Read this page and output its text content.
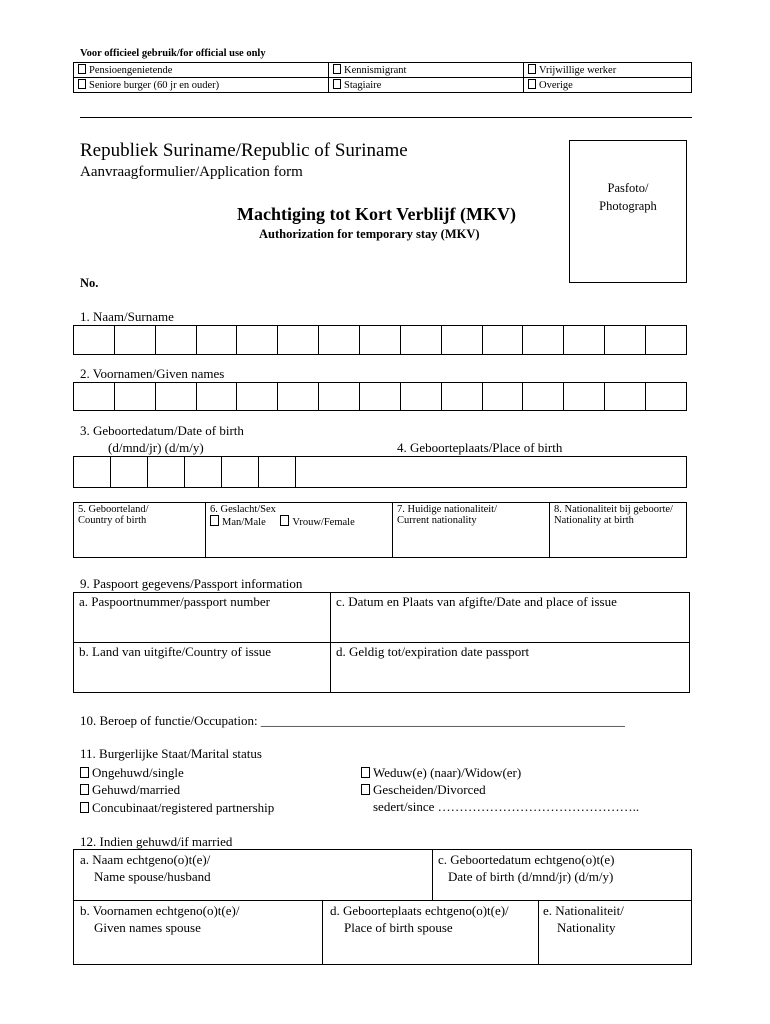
Voor officieel gebruik/for official use only
Pensioengenietende	Kennismigrant	Vrijwillige werker
Seniore burger (60 jr en ouder)	Stagiaire	Overige
Republiek Suriname/Republic of Suriname
Aanvraagformulier/Application form
Machtiging tot Kort Verblijf (MKV)
Authorization for temporary stay (MKV)
Pasfoto/
Photograph
No.
1. Naam/Surname

2. Voornamen/Given names

3. Geboortedatum/Date of birth
(d/mnd/jr) (d/m/y)	4. Geboorteplaats/Place of birth

5. Geboorteland/
Country of birth

6. Geslacht/Sex
Man/Male	Vrouw/Female

7. Huidige nationaliteit/
Current nationality

8. Nationaliteit bij geboorte/
Nationality at birth
9. Paspoort gegevens/Passport information
a. Paspoortnummer/passport number	c. Datum en Plaats van afgifte/Date and place of issue
b. Land van uitgifte/Country of issue	d. Geldig tot/expiration date passport
10. Beroep of functie/Occupation: ________________________________________________________
11. Burgerlijke Staat/Marital status
Ongehuwd/single
Gehuwd/married
Concubinaat/registered partnership
Weduw(e) (naar)/Widow(er)
Gescheiden/Divorced
sedert/since ………………………………………..
12. Indien gehuwd/if married
a. Naam echtgeno(o)t(e)/
Name spouse/husband
c. Geboortedatum echtgeno(o)t(e)
Date of birth (d/mnd/jr) (d/m/y)
b. Voornamen echtgeno(o)t(e)/
Given names spouse
d. Geboorteplaats echtgeno(o)t(e)/
Place of birth spouse
e. Nationaliteit/
Nationality
